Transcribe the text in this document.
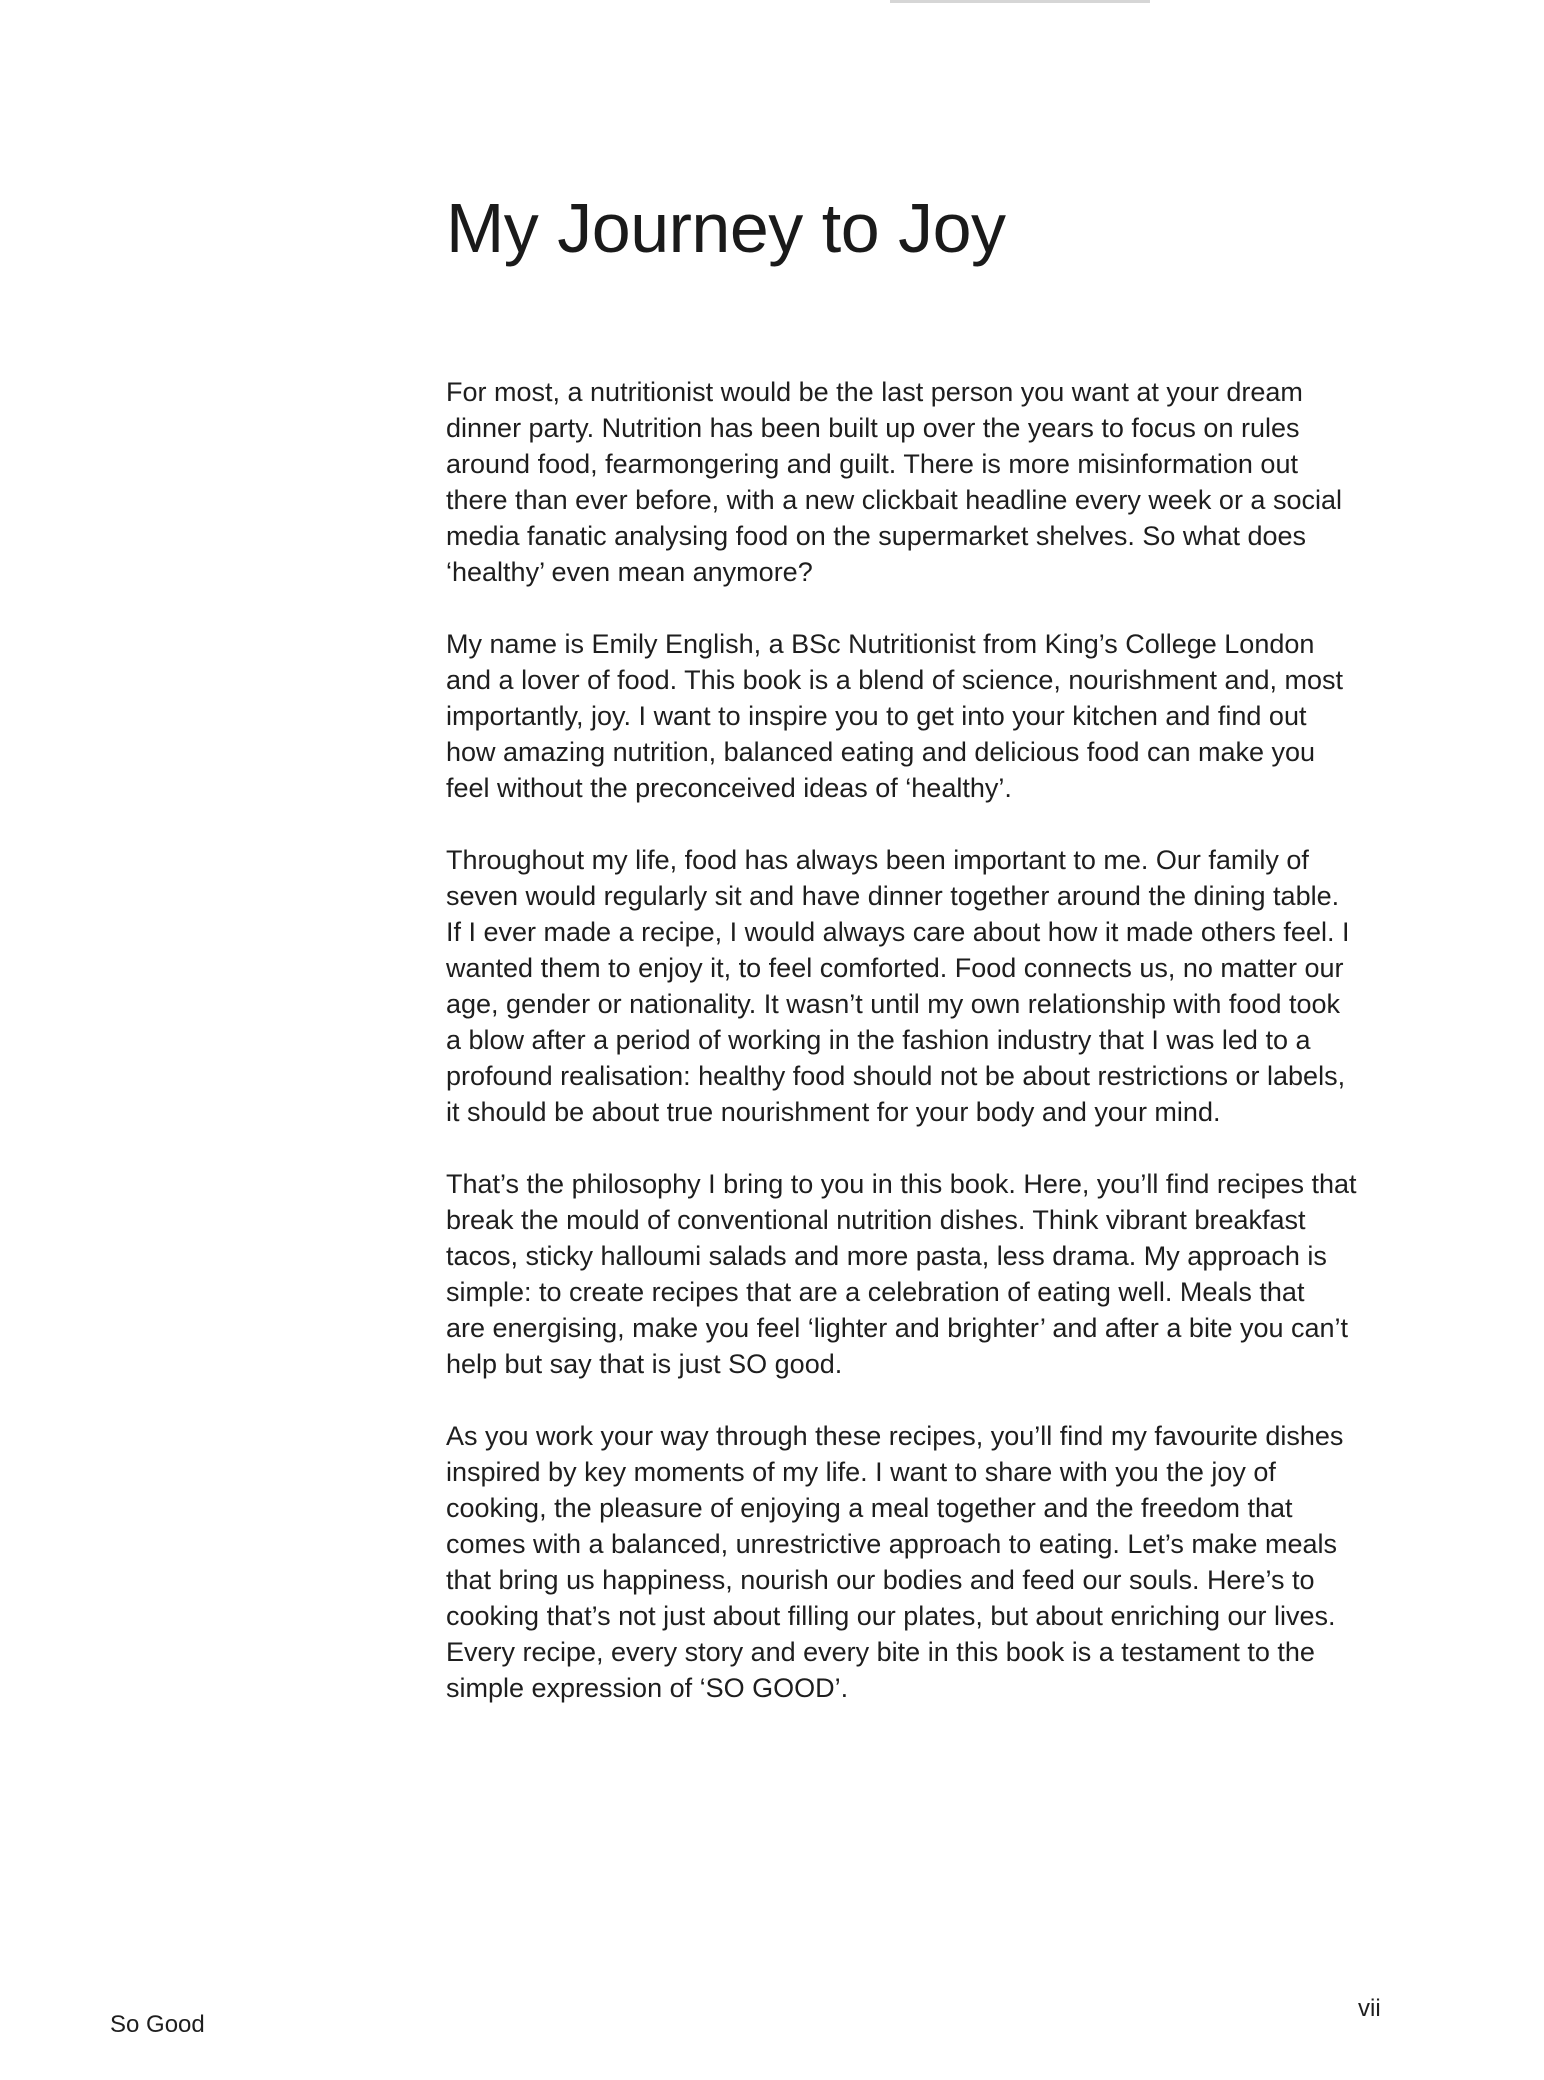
My Journey to Joy

For most, a nutritionist would be the last person you want at your dream
dinner party. Nutrition has been built up over the years to focus on rules
around food, fearmongering and guilt. There is more misinformation out
there than ever before, with a new clickbait headline every week or a social
media fanatic analysing food on the supermarket shelves. So what does
‘healthy’ even mean anymore?

My name is Emily English, a BSc Nutritionist from King’s College London
and a lover of food. This book is a blend of science, nourishment and, most
importantly, joy. I want to inspire you to get into your kitchen and find out
how amazing nutrition, balanced eating and delicious food can make you
feel without the preconceived ideas of ‘healthy’.

Throughout my life, food has always been important to me. Our family of
seven would regularly sit and have dinner together around the dining table.
If I ever made a recipe, I would always care about how it made others feel. I
wanted them to enjoy it, to feel comforted. Food connects us, no matter our
age, gender or nationality. It wasn’t until my own relationship with food took
a blow after a period of working in the fashion industry that I was led to a
profound realisation: healthy food should not be about restrictions or labels,
it should be about true nourishment for your body and your mind.

That’s the philosophy I bring to you in this book. Here, you’ll find recipes that
break the mould of conventional nutrition dishes. Think vibrant breakfast
tacos, sticky halloumi salads and more pasta, less drama. My approach is
simple: to create recipes that are a celebration of eating well. Meals that
are energising, make you feel ‘lighter and brighter’ and after a bite you can’t
help but say that is just SO good.

As you work your way through these recipes, you’ll find my favourite dishes
inspired by key moments of my life. I want to share with you the joy of
cooking, the pleasure of enjoying a meal together and the freedom that
comes with a balanced, unrestrictive approach to eating. Let’s make meals
that bring us happiness, nourish our bodies and feed our souls. Here’s to
cooking that’s not just about filling our plates, but about enriching our lives.
Every recipe, every story and every bite in this book is a testament to the
simple expression of ‘SO GOOD’.

So Good
vii
